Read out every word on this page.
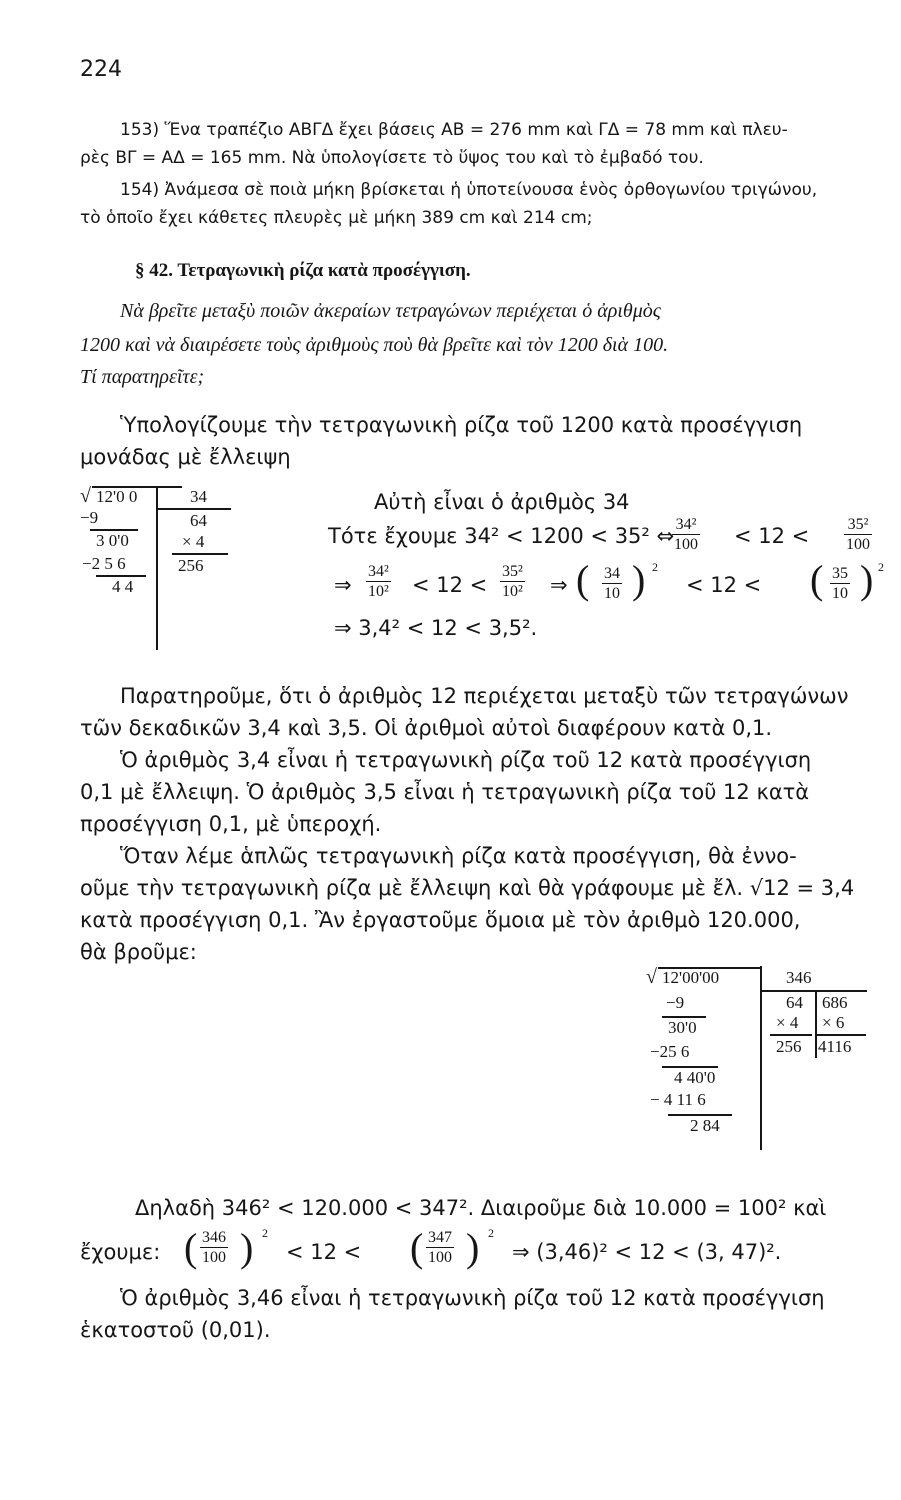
224
153) Ἕνα τραπέζιο ΑΒΓΔ ἔχει βάσεις ΑΒ = 276 mm καὶ ΓΔ = 78 mm καὶ πλευ-
ρὲς ΒΓ = ΑΔ = 165 mm. Νὰ ὑπολογίσετε τὸ ὕψος του καὶ τὸ ἐμβαδό του.
154) Ἀνάμεσα σὲ ποιὰ μήκη βρίσκεται ἡ ὑποτείνουσα ἑνὸς ὀρθογωνίου τριγώνου,
τὸ ὁποῖο ἔχει κάθετες πλευρὲς μὲ μήκη 389 cm καὶ 214 cm;
§ 42. Τετραγωνικὴ ρίζα κατὰ προσέγγιση.
Νὰ βρεῖτε μεταξὺ ποιῶν ἀκεραίων τετραγώνων περιέχεται ὁ ἀριθμὸς
1200 καὶ νὰ διαιρέσετε τοὺς ἀριθμοὺς ποὺ θὰ βρεῖτε καὶ τὸν 1200 διὰ 100.
Τί παρατηρεῖτε;
Ὑπολογίζουμε τὴν τετραγωνικὴ ρίζα τοῦ 1200 κατὰ προσέγγιση
μονάδας μὲ ἔλλειψη
√ 12'0 0
−9
3 0'0
−2 5 6
4 4
34
64
× 4
256
Αὐτὴ εἶναι ὁ ἀριθμὸς 34
Τότε ἔχουμε 34² < 1200 < 35² ⇔
$\frac{\text{34²}}{100} < 12 < \frac{\text{35²}}{100}$
⇒ $\frac{\text{34²}}{\text{10²}} < 12 < \frac{\text{35²}}{\text{10²}}$ ⇒ ( $\frac{34}{10}$ ) 2
< 12 < ( $\frac{35}{10}$ ) 2
⇒ 3,4² < 12 < 3,5².
Παρατηροῦμε, ὅτι ὁ ἀριθμὸς 12 περιέχεται μεταξὺ τῶν τετραγώνων
τῶν δεκαδικῶν 3,4 καὶ 3,5. Οἱ ἀριθμοὶ αὐτοὶ διαφέρουν κατὰ 0,1.
Ὁ ἀριθμὸς 3,4 εἶναι ἡ τετραγωνικὴ ρίζα τοῦ 12 κατὰ προσέγγιση
0,1 μὲ ἔλλειψη. Ὁ ἀριθμὸς 3,5 εἶναι ἡ τετραγωνικὴ ρίζα τοῦ 12 κατὰ
προσέγγιση 0,1, μὲ ὑπεροχή.
Ὅταν λέμε ἁπλῶς τετραγωνικὴ ρίζα κατὰ προσέγγιση, θὰ ἐννο-
οῦμε τὴν τετραγωνικὴ ρίζα μὲ ἔλλειψη καὶ θὰ γράφουμε μὲ ἔλ. √12 = 3,4
κατὰ προσέγγιση 0,1. Ἂν ἐργαστοῦμε ὅμοια μὲ τὸν ἀριθμὸ 120.000,
θὰ βροῦμε:
√ 12'00'00
−9
30'0
−25 6
4 40'0
− 4 11 6
2 84
346
64
× 4
256
686
× 6
4116
Δηλαδὴ 346² < 120.000 < 347². Διαιροῦμε διὰ 10.000 = 100² καὶ
ἔχουμε: ( $\frac{346}{100}$ ) 2
< 12 < ( $\frac{347}{100}$ ) 2
⇒ (3,46)² < 12 < (3, 47)².
Ὁ ἀριθμὸς 3,46 εἶναι ἡ τετραγωνικὴ ρίζα τοῦ 12 κατὰ προσέγγιση
ἑκατοστοῦ (0,01).
